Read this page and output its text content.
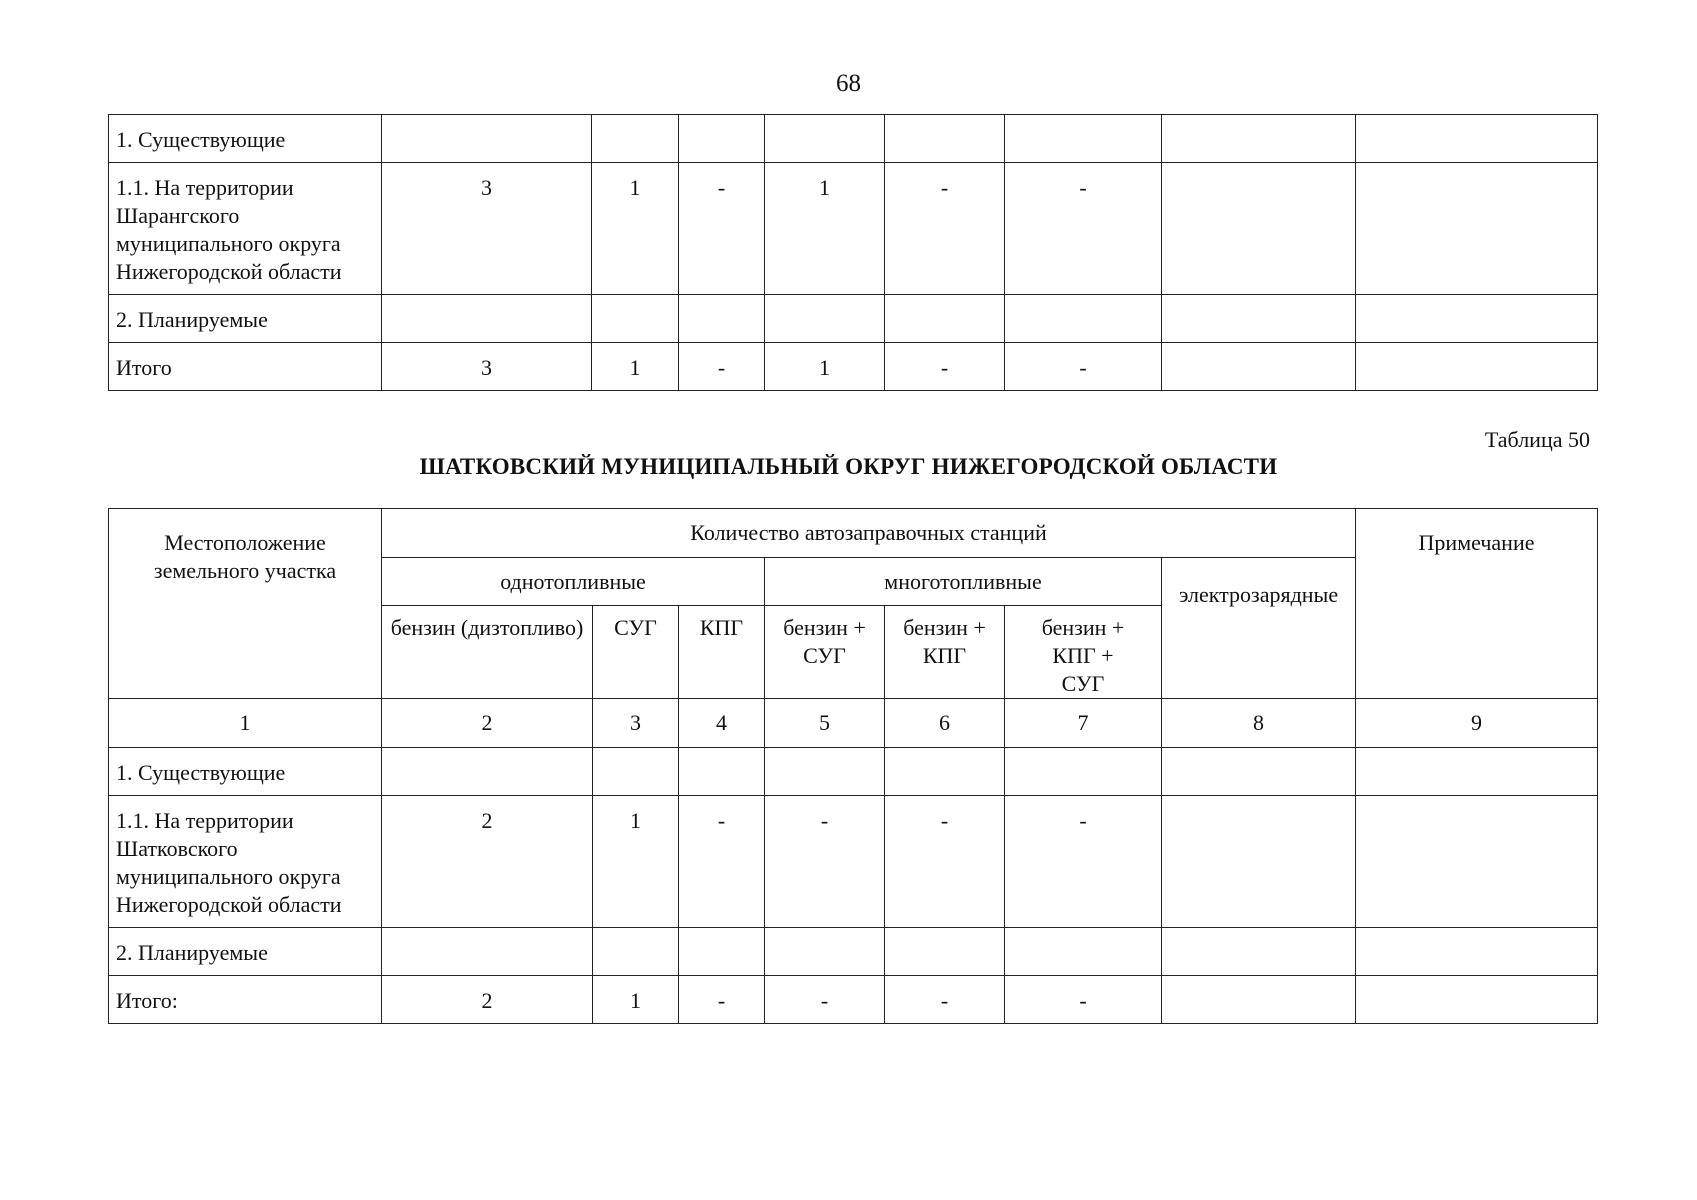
68
1. Существующие								
1.1. На территории Шарангского муниципального округа Нижегородской области	3	1	-	1	-	-		
2. Планируемые								
Итого	3	1	-	1	-	-		
Таблица 50
ШАТКОВСКИЙ МУНИЦИПАЛЬНЫЙ ОКРУГ НИЖЕГОРОДСКОЙ ОБЛАСТИ
Местоположение земельного участка	Количество автозаправочных станций							Примечание
	однотопливные			многотопливные			электрозарядные	
	бензин (дизтопливо)	СУГ	КПГ	бензин + СУГ	бензин + КПГ	бензин + КПГ + СУГ		
1	2	3	4	5	6	7	8	9
1. Существующие								
1.1. На территории Шатковского муниципального округа Нижегородской области	2	1	-	-	-	-		
2. Планируемые								
Итого:	2	1	-	-	-	-		
